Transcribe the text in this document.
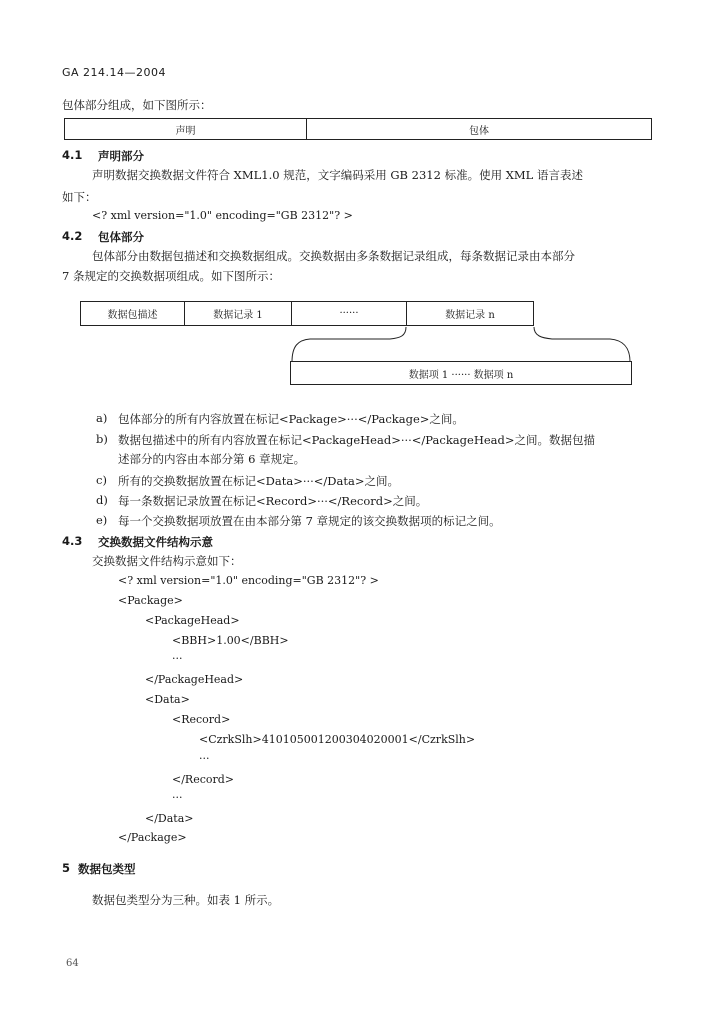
GA 214.14—2004
包体部分组成，如下图所示：
声明	包体
4.1 声明部分
声明数据交换数据文件符合 XML1.0 规范，文字编码采用 GB 2312 标准。使用 XML 语言表述
如下：
<? xml version="1.0" encoding="GB 2312"? >
4.2 包体部分
包体部分由数据包描述和交换数据组成。交换数据由多条数据记录组成，每条数据记录由本部分
7 条规定的交换数据项组成。如下图所示：
数据包描述	数据记录 1	······	数据记录 n
数据项 1 ······ 数据项 n
a) 包体部分的所有内容放置在标记<Package>···</Package>之间。
b) 数据包描述中的所有内容放置在标记<PackageHead>···</PackageHead>之间。数据包描
述部分的内容由本部分第 6 章规定。
c) 所有的交换数据放置在标记<Data>···</Data>之间。
d) 每一条数据记录放置在标记<Record>···</Record>之间。
e) 每一个交换数据项放置在由本部分第 7 章规定的该交换数据项的标记之间。
4.3 交换数据文件结构示意
交换数据文件结构示意如下：
<? xml version="1.0" encoding="GB 2312"? >
<Package>
<PackageHead>
<BBH>1.00</BBH>
···
</PackageHead>
<Data>
<Record>
<CzrkSlh>410105001200304020001</CzrkSlh>
···
</Record>
···
</Data>
</Package>
5 数据包类型
数据包类型分为三种。如表 1 所示。
64
